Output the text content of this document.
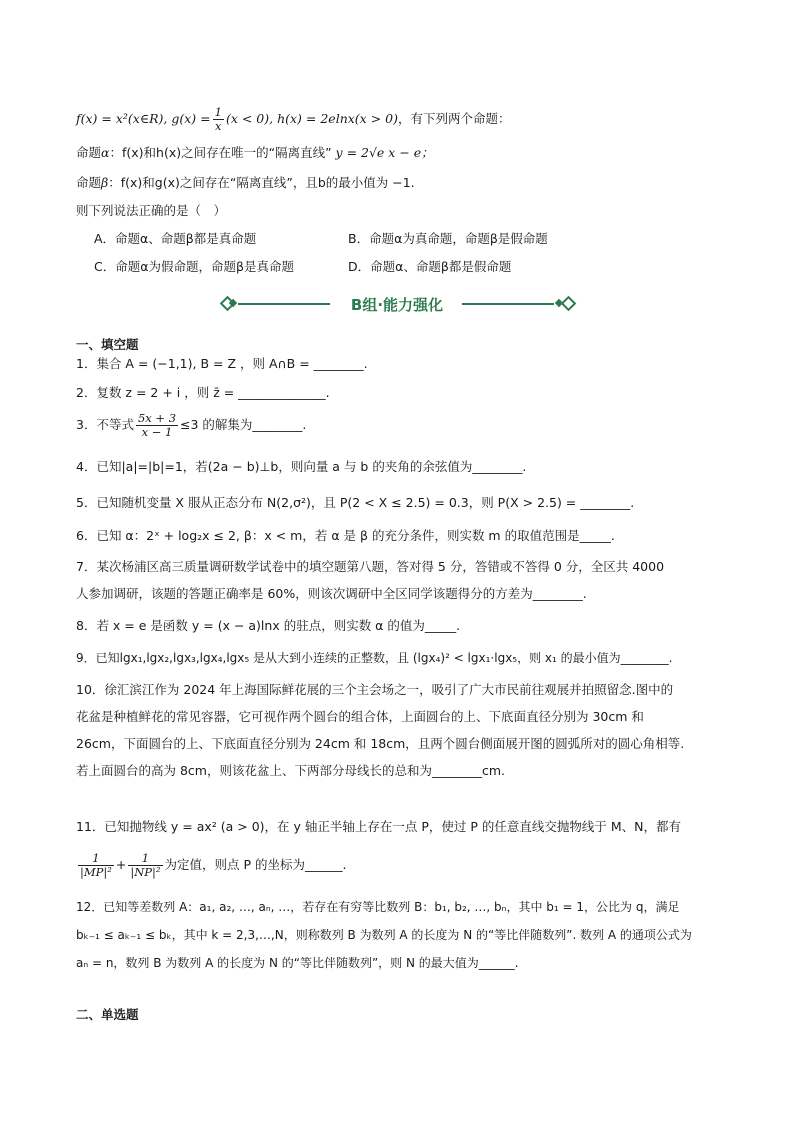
f(x) = x²(x∈R), $g(x) = \frac{1}{x} (x < 0)$, h(x) = 2elnx(x > 0)，有下列两个命题：
命题α：f(x)和h(x)之间存在唯一的“隔离直线” y = 2√e x − e；
命题β：f(x)和g(x)之间存在“隔离直线”，且b的最小值为 −1.
则下列说法正确的是（　）
A．命题α、命题β都是真命题	B．命题α为真命题，命题β是假命题
C．命题α为假命题，命题β是真命题	D．命题α、命题β都是假命题
B组·能力强化
一、填空题
1．集合 A = (−1,1), B = Z ，则 A∩B = ________.
2．复数 z = 2 + i ，则 z̄ = ______________.
3．不等式 $\frac{5x + 3}{x - 1} \le 3$ 的解集为________.
4．已知|a|=|b|=1，若(2a − b)⊥b，则向量 a 与 b 的夹角的余弦值为________.
5．已知随机变量 X 服从正态分布 N(2,σ²)，且 P(2 < X ≤ 2.5) = 0.3，则 P(X > 2.5) = ________.
6．已知 α：2ˣ + log₂x ≤ 2, β：x < m，若 α 是 β 的充分条件，则实数 m 的取值范围是_____.
7．某次杨浦区高三质量调研数学试卷中的填空题第八题，答对得 5 分，答错或不答得 0 分，全区共 4000
人参加调研，该题的答题正确率是 60%，则该次调研中全区同学该题得分的方差为________.
8．若 x = e 是函数 y = (x − a)lnx 的驻点，则实数 α 的值为_____.
9．已知lgx₁,lgx₂,lgx₃,lgx₄,lgx₅ 是从大到小连续的正整数，且 (lgx₄)² < lgx₁·lgx₅，则 x₁ 的最小值为________.
10．徐汇滨江作为 2024 年上海国际鲜花展的三个主会场之一，吸引了广大市民前往观展并拍照留念.图中的
花盆是种植鲜花的常见容器，它可视作两个圆台的组合体，上面圆台的上、下底面直径分别为 30cm 和
26cm，下面圆台的上、下底面直径分别为 24cm 和 18cm，且两个圆台侧面展开图的圆弧所对的圆心角相等.
若上面圆台的高为 8cm，则该花盆上、下两部分母线长的总和为________cm.
11．已知抛物线 y = ax² (a > 0)，在 y 轴正半轴上存在一点 P，使过 P 的任意直线交抛物线于 M、N，都有
$\frac{1}{\text{|MP|²}} + \frac{1}{\text{|NP|²}}$ 为定值，则点 P 的坐标为______.
12．已知等差数列 A：a₁, a₂, …, aₙ, …，若存在有穷等比数列 B：b₁, b₂, …, bₙ，其中 b₁ = 1，公比为 q，满足
bₖ₋₁ ≤ aₖ₋₁ ≤ bₖ，其中 k = 2,3,…,N，则称数列 B 为数列 A 的长度为 N 的“等比伴随数列”. 数列 A 的通项公式为
aₙ = n，数列 B 为数列 A 的长度为 N 的“等比伴随数列”，则 N 的最大值为______.
二、单选题
